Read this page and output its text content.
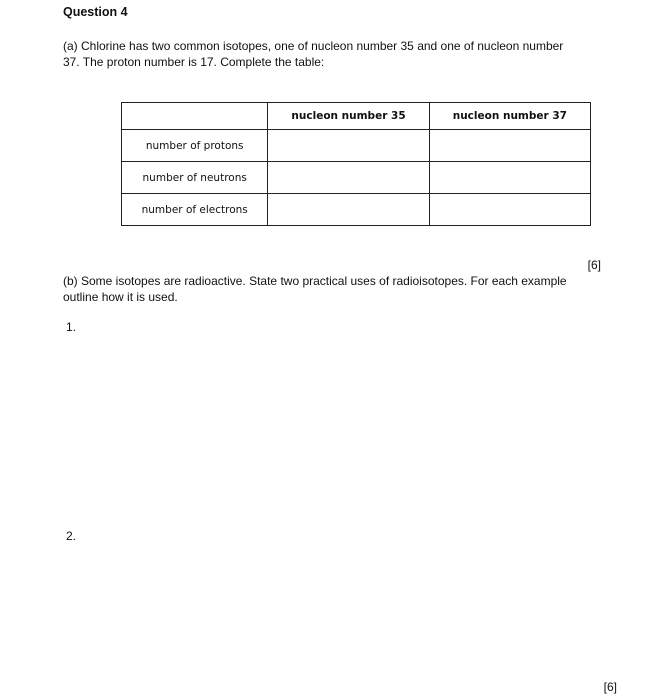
Question 4
(a) Chlorine has two common isotopes, one of nucleon number 35 and one of nucleon number 37. The proton number is 17. Complete the table:
	nucleon number 35	nucleon number 37
number of protons		
number of neutrons		
number of electrons		
[6]
(b) Some isotopes are radioactive. State two practical uses of radioisotopes. For each example outline how it is used.
1.
2.
[6]
